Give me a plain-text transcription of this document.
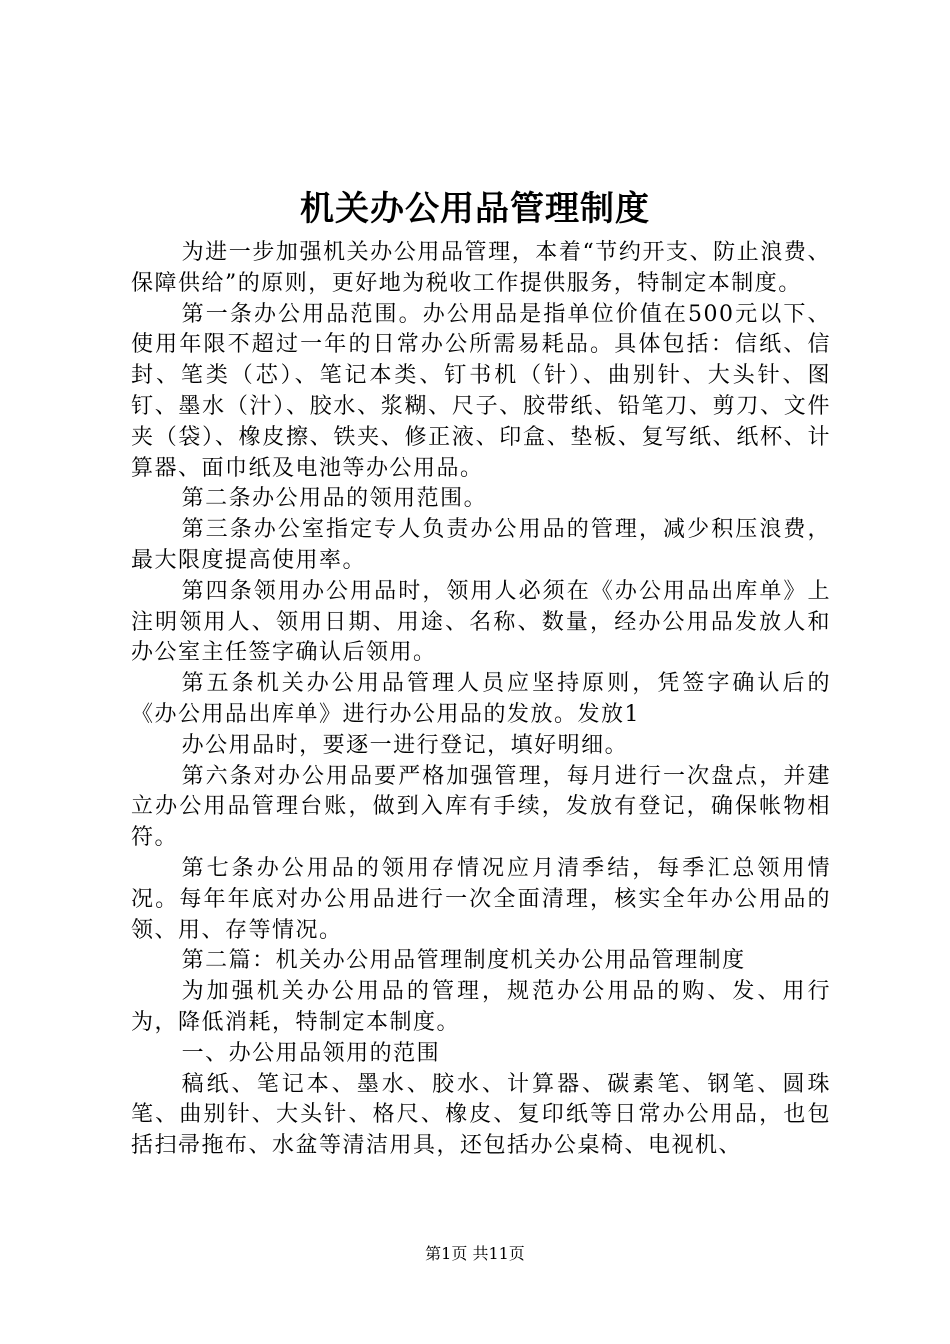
机关办公用品管理制度

为进一步加强机关办公用品管理，本着“节约开支、防止浪费、保障供给”的原则，更好地为税收工作提供服务，特制定本制度。

第一条办公用品范围。办公用品是指单位价值在500元以下、使用年限不超过一年的日常办公所需易耗品。具体包括：信纸、信封、笔类（芯）、笔记本类、钉书机（针）、曲别针、大头针、图钉、墨水（汁）、胶水、浆糊、尺子、胶带纸、铅笔刀、剪刀、文件夹（袋）、橡皮擦、铁夹、修正液、印盒、垫板、复写纸、纸杯、计算器、面巾纸及电池等办公用品。

第二条办公用品的领用范围。

第三条办公室指定专人负责办公用品的管理，减少积压浪费，最大限度提高使用率。

第四条领用办公用品时，领用人必须在《办公用品出库单》上注明领用人、领用日期、用途、名称、数量，经办公用品发放人和办公室主任签字确认后领用。

第五条机关办公用品管理人员应坚持原则，凭签字确认后的《办公用品出库单》进行办公用品的发放。发放1

办公用品时，要逐一进行登记，填好明细。

第六条对办公用品要严格加强管理，每月进行一次盘点，并建立办公用品管理台账，做到入库有手续，发放有登记，确保帐物相符。

第七条办公用品的领用存情况应月清季结，每季汇总领用情况。每年年底对办公用品进行一次全面清理，核实全年办公用品的领、用、存等情况。

第二篇：机关办公用品管理制度机关办公用品管理制度

为加强机关办公用品的管理，规范办公用品的购、发、用行为，降低消耗，特制定本制度。

一、办公用品领用的范围

稿纸、笔记本、墨水、胶水、计算器、碳素笔、钢笔、圆珠笔、曲别针、大头针、格尺、橡皮、复印纸等日常办公用品，也包括扫帚拖布、水盆等清洁用具，还包括办公桌椅、电视机、

第1页 共11页
